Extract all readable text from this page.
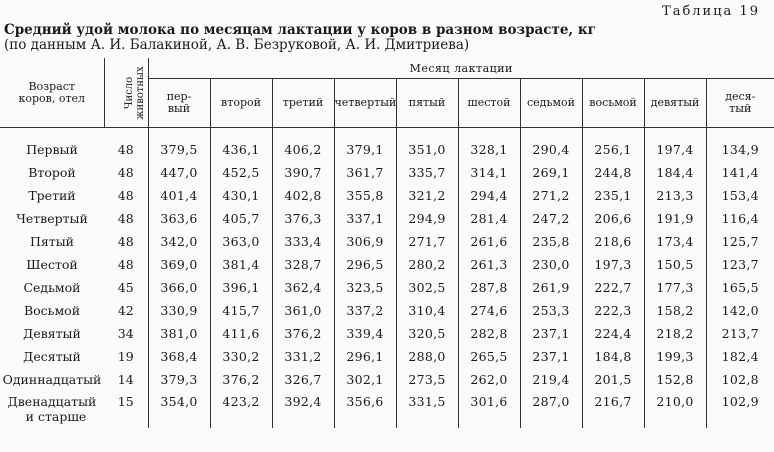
Таблица 19
Средний удой молока по месяцам лактации у коров в разном возрасте, кг
(по данным А. И. Балакиной, А. В. Безруковой, А. И. Дмитриева)
Возраст
коров, отел	Число
животных	Месяц лактации									
		пер-
вый	второй	третий	четвертый	пятый	шестой	седьмой	восьмой	девятый	деся-
тый
Первый	48	379,5	436,1	406,2	379,1	351,0	328,1	290,4	256,1	197,4	134,9
Второй	48	447,0	452,5	390,7	361,7	335,7	314,1	269,1	244,8	184,4	141,4
Третий	48	401,4	430,1	402,8	355,8	321,2	294,4	271,2	235,1	213,3	153,4
Четвертый	48	363,6	405,7	376,3	337,1	294,9	281,4	247,2	206,6	191,9	116,4
Пятый	48	342,0	363,0	333,4	306,9	271,7	261,6	235,8	218,6	173,4	125,7
Шестой	48	369,0	381,4	328,7	296,5	280,2	261,3	230,0	197,3	150,5	123,7
Седьмой	45	366,0	396,1	362,4	323,5	302,5	287,8	261,9	222,7	177,3	165,5
Восьмой	42	330,9	415,7	361,0	337,2	310,4	274,6	253,3	222,3	158,2	142,0
Девятый	34	381,0	411,6	376,2	339,4	320,5	282,8	237,1	224,4	218,2	213,7
Десятый	19	368,4	330,2	331,2	296,1	288,0	265,5	237,1	184,8	199,3	182,4
Одиннадцатый	14	379,3	376,2	326,7	302,1	273,5	262,0	219,4	201,5	152,8	102,8
Двенадцатый
и старше	15	354,0	423,2	392,4	356,6	331,5	301,6	287,0	216,7	210,0	102,9
